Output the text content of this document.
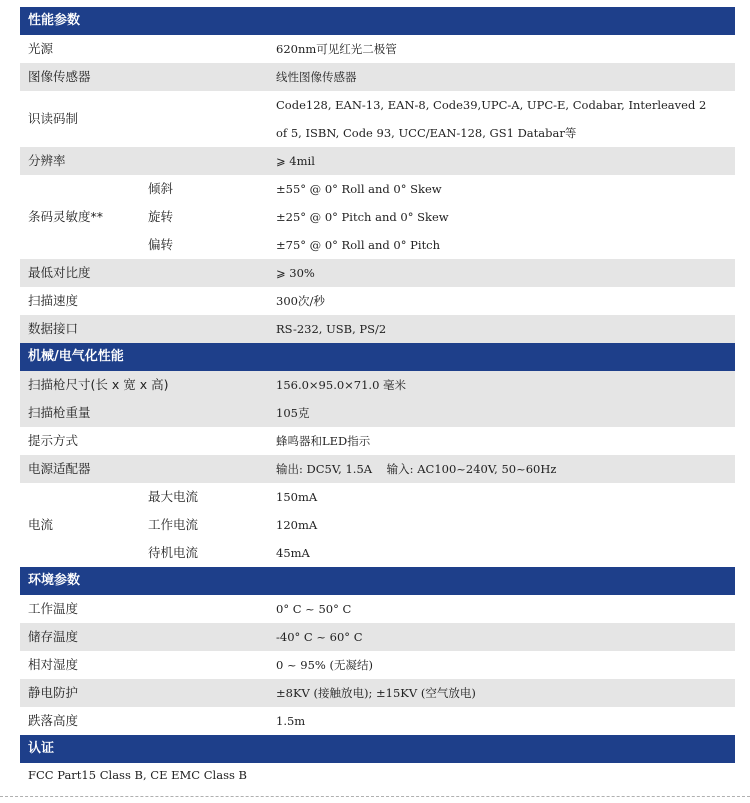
性能参数		
光源		620nm可见红光二极管
图像传感器		线性图像传感器
识读码制		Code128, EAN-13, EAN-8, Code39,UPC-A, UPC-E, Codabar, Interleaved 2
of 5, ISBN, Code 93, UCC/EAN-128, GS1 Databar等

分辨率		⩾ 4mil
条码灵敏度**	倾斜	±55° @ 0° Roll and 0° Skew
	旋转	±25° @ 0° Pitch and 0° Skew
	偏转	±75° @ 0° Roll and 0° Pitch
最低对比度		⩾ 30%
扫描速度		300次/秒
数据接口		RS-232, USB, PS/2
机械/电气化性能		
扫描枪尺寸(长 x 宽 x 高)		156.0×95.0×71.0 毫米
扫描枪重量		105克
提示方式		蜂鸣器和LED指示
电源适配器		输出: DC5V, 1.5A    输入: AC100~240V, 50~60Hz
电流	最大电流	150mA
	工作电流	120mA
	待机电流	45mA
环境参数		
工作温度		0° C ~ 50° C
储存温度		-40° C ~ 60° C
相对湿度		0 ~ 95% (无凝结)
静电防护		±8KV (接触放电); ±15KV (空气放电)
跌落高度		1.5m
认证		
FCC Part15 Class B, CE EMC Class B
